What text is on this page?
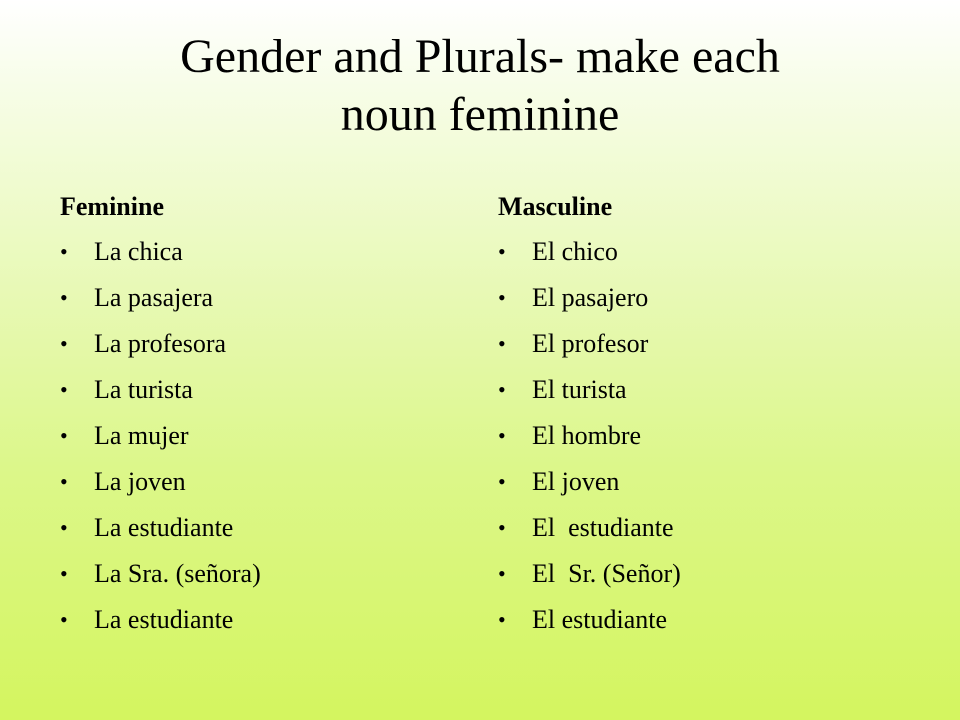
Gender and Plurals- make each
noun feminine
Feminine
• La chica
• La pasajera
• La profesora
• La turista
• La mujer
• La joven
• La estudiante
• La Sra. (señora)
• La estudiante
Masculine
• El chico
• El pasajero
• El profesor
• El turista
• El hombre
• El joven
• El  estudiante
• El  Sr. (Señor)
• El estudiante
